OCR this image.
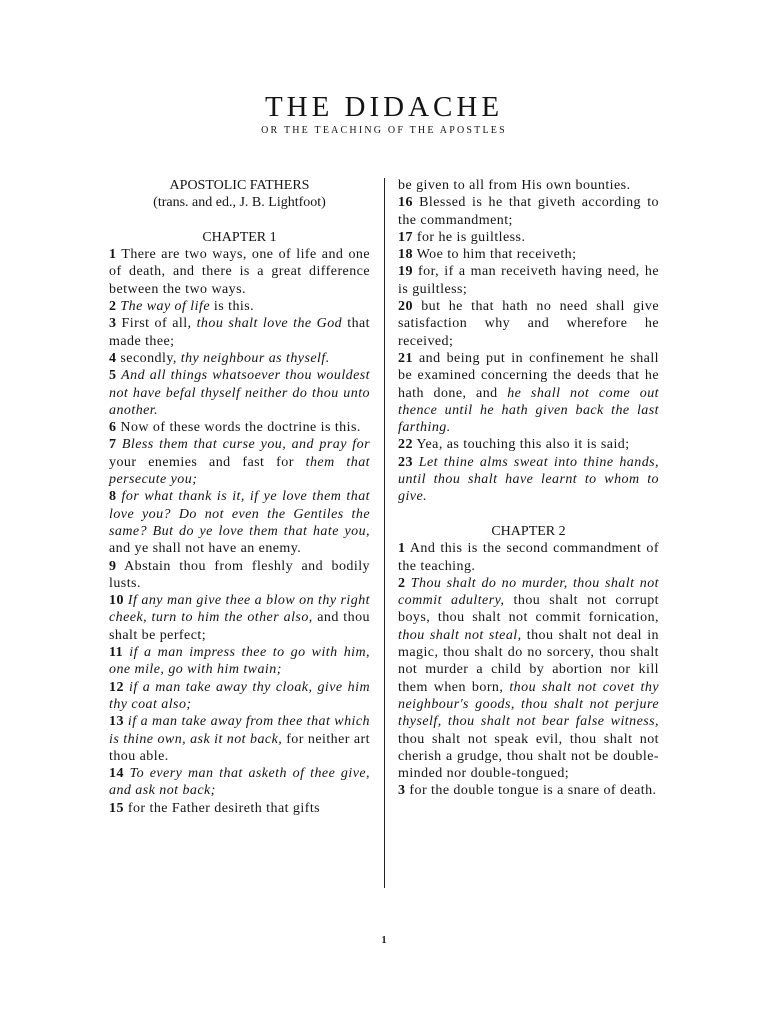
THE DIDACHE
OR THE TEACHING OF THE APOSTLES
APOSTOLIC FATHERS
(trans. and ed., J. B. Lightfoot)
CHAPTER 1
1 There are two ways, one of life and one of death, and there is a great difference between the two ways.
2 The way of life is this.
3 First of all, thou shalt love the God that made thee;
4 secondly, thy neighbour as thyself.
5 And all things whatsoever thou wouldest not have befal thyself neither do thou unto another.
6 Now of these words the doctrine is this.
7 Bless them that curse you, and pray for your enemies and fast for them that persecute you;
8 for what thank is it, if ye love them that love you? Do not even the Gentiles the same? But do ye love them that hate you, and ye shall not have an enemy.
9 Abstain thou from fleshly and bodily lusts.
10 If any man give thee a blow on thy right cheek, turn to him the other also, and thou shalt be perfect;
11 if a man impress thee to go with him, one mile, go with him twain;
12 if a man take away thy cloak, give him thy coat also;
13 if a man take away from thee that which is thine own, ask it not back, for neither art thou able.
14 To every man that asketh of thee give, and ask not back;
15 for the Father desireth that gifts
be given to all from His own bounties.
16 Blessed is he that giveth according to the commandment;
17 for he is guiltless.
18 Woe to him that receiveth;
19 for, if a man receiveth having need, he is guiltless;
20 but he that hath no need shall give satisfaction why and wherefore he received;
21 and being put in confinement he shall be examined concerning the deeds that he hath done, and he shall not come out thence until he hath given back the last farthing.
22 Yea, as touching this also it is said;
23 Let thine alms sweat into thine hands, until thou shalt have learnt to whom to give.
CHAPTER 2
1 And this is the second commandment of the teaching.
2 Thou shalt do no murder, thou shalt not commit adultery, thou shalt not corrupt boys, thou shalt not commit fornication, thou shalt not steal, thou shalt not deal in magic, thou shalt do no sorcery, thou shalt not murder a child by abortion nor kill them when born, thou shalt not covet thy neighbour's goods, thou shalt not perjure thyself, thou shalt not bear false witness, thou shalt not speak evil, thou shalt not cherish a grudge, thou shalt not be double-minded nor double-tongued;
3 for the double tongue is a snare of death.
1
